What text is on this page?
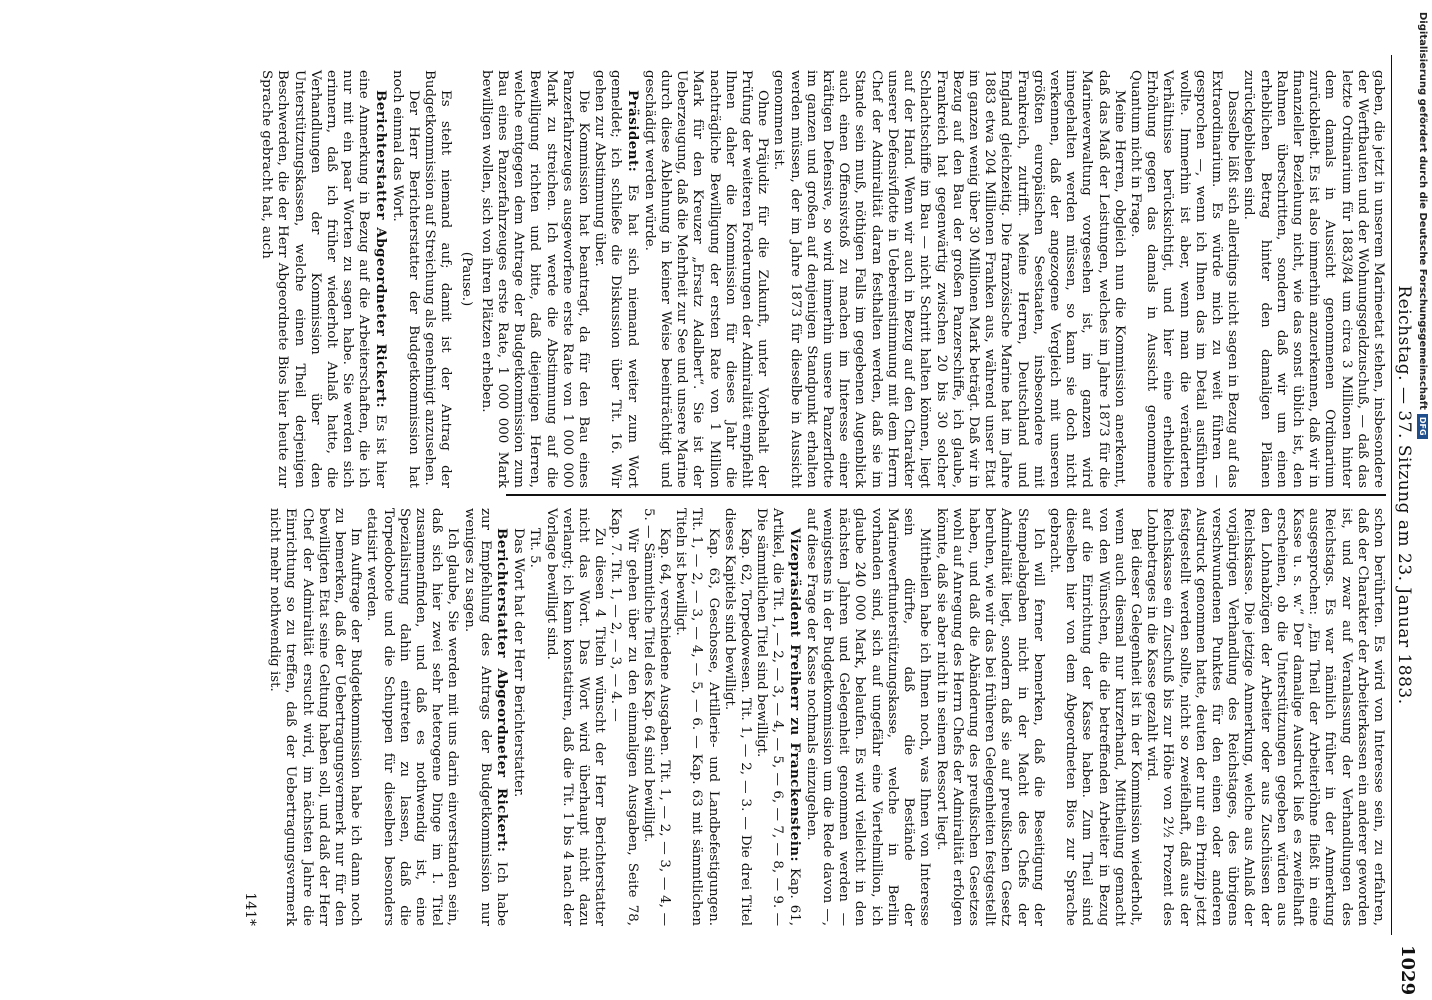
Reichstag. — 37. Sitzung am 23. Januar 1883.
1029

gaben, die jetzt in unserem Marineetat stehen, insbesondere der Werftbauten und der Wohnungsgeldzuschuß, — daß das letzte Ordinarium für 1883/84 um circa 3 Millionen hinter dem damals in Aussicht genommenen Ordinarium zurückbleibt. Es ist also immerhin anzuerkennen, daß wir in finanzieller Beziehung nicht, wie das sonst üblich ist, den Rahmen überschritten, sondern daß wir um einen erheblichen Betrag hinter den damaligen Plänen zurückgeblieben sind.

Dasselbe läßt sich allerdings nicht sagen in Bezug auf das Extraordinarium. Es würde mich zu weit führen — gesprochen —, wenn ich Ihnen das im Detail ausführen wollte. Immerhin ist aber, wenn man die veränderten Verhältnisse berücksichtigt, und hier eine erhebliche Erhöhung gegen das damals in Aussicht genommene Quantum nicht in Frage.

Meine Herren, obgleich nun die Kommission anerkennt, daß das Maß der Leistungen, welches im Jahre 1873 für die Marineverwaltung vorgesehen ist, im ganzen wird innegehalten werden müssen, so kann sie doch nicht verkennen, daß der angezogene Vergleich mit unseren größten europäischen Seestaaten, insbesondere mit Frankreich, zutrifft. Meine Herren, Deutschland und England gleichzeitig. Die französische Marine hat im Jahre 1883 etwa 204 Millionen Franken aus, während unser Etat im ganzen wenig über 30 Millionen Mark beträgt. Daß wir in Bezug auf den Bau der großen Panzerschiffe, ich glaube, Frankreich hat gegenwärtig zwischen 20 bis 30 solcher Schlachtschiffe im Bau — nicht Schritt halten können, liegt auf der Hand. Wenn wir auch in Bezug auf den Charakter unserer Defensivflotte in Uebereinstimmung mit dem Herrn Chef der Admiralität daran festhalten werden, daß sie im Stande sein muß, nöthigen Falls im gegebenen Augenblick auch einen Offensivstoß zu machen im Interesse einer kräftigen Defensive, so wird immerhin unsere Panzerflotte im ganzen und großen auf denjenigen Standpunkt erhalten werden müssen, der im Jahre 1873 für dieselbe in Aussicht genommen ist.

Ohne Präjudiz für die Zukunft, unter Vorbehalt der Prüfung der weiteren Forderungen der Admiralität empfiehlt Ihnen daher die Kommission für dieses Jahr die nachträgliche Bewilligung der ersten Rate von 1 Million Mark für den Kreuzer „Ersatz Adalbert“. Sie ist der Ueberzeugung, daß die Mehrheit zur See und unsere Marine durch diese Ablehnung in keiner Weise beeinträchtigt und geschädigt werden würde.

Präsident: Es hat sich niemand weiter zum Wort gemeldet; ich schließe die Diskussion über Tit. 16. Wir gehen zur Abstimmung über.

Die Kommission hat beantragt, da für den Bau eines Panzerfahrzeuges ausgeworfene erste Rate von 1 000 000 Mark zu streichen. Ich werde die Abstimmung auf die Bewilligung richten und bitte, daß diejenigen Herren, welche entgegen dem Antrage der Budgetkommission zum Bau eines Panzerfahrzeuges erste Rate, 1 000 000 Mark bewilligen wollen, sich von ihren Plätzen erheben.

(Pause.)

Es steht niemand auf; damit ist der Antrag der Budgetkommission auf Streichung als genehmigt anzusehen.

Der Herr Berichterstatter der Budgetkommission hat noch einmal das Wort.

Berichterstatter Abgeordneter Rickert: Es ist hier eine Anmerkung in Bezug auf die Arbeiterschaften, die ich nur mit ein paar Worten zu sagen habe. Sie werden sich erinnern, daß ich früher wiederholt Anlaß hatte, die Verhandlungen der Kommission über den Unterstützungskassen, welche einen Theil derjenigen Beschwerden, die der Herr Abgeordnete Bios hier heute zur Sprache gebracht hat, auch

schon berührten. Es wird von Interesse sein, zu erfahren, daß der Charakter der Arbeiterkassen ein anderer geworden ist, und zwar auf Veranlassung der Verhandlungen des Reichstags. Es war nämlich früher in der Anmerkung ausgesprochen: „Ein Theil der Arbeiterlöhne fließt in eine Kasse u. s. w.“ Der damalige Ausdruck ließ es zweifelhaft erscheinen, ob die Unterstützungen gegeben würden aus den Lohnabzügen der Arbeiter oder aus Zuschüssen der Reichskasse. Die jetzige Anmerkung, welche aus Anlaß der vorjährigen Verhandlung des Reichstages, des übrigens verschwundenen Punktes für den einen oder anderen Ausdruck genommen hatte, deuten der nur ein Prinzip jetzt festgestellt werden sollte, nicht so zweifelhaft, daß aus der Reichskasse ein Zuschuß bis zur Höhe von 2½ Prozent des Lohnbetrages in die Kasse gezahlt wird.

Bei dieser Gelegenheit ist in der Kommission wiederholt, wenn auch diesmal nur kurzerhand, Mittheilung gemacht von den Wünschen, die die betreffenden Arbeiter in Bezug auf die Einrichtung der Kasse haben. Zum Theil sind dieselben hier von dem Abgeordneten Bios zur Sprache gebracht.

Ich will ferner bemerken, daß die Beseitigung der Stempelabgaben nicht in der Macht des Chefs der Admiralität liegt, sondern daß sie auf preußischen Gesetz beruhen, wie wir das bei früheren Gelegenheiten festgestellt haben, und daß die Abänderung des preußischen Gesetzes wohl auf Anregung des Herrn Chefs der Admiralität erfolgen könnte, daß sie aber nicht in seinem Ressort liegt.

Mittheilen habe ich Ihnen noch, was Ihnen von Interesse sein dürfte, daß die Bestände der Marinewerftunterstützungskasse, welche in Berlin vorhanden sind, sich auf ungefähr eine Viertelmillion, ich glaube 240 000 Mark, belaufen. Es wird vielleicht in den nächsten Jahren und Gelegenheit genommen werden — wenigstens in der Budgetkommission um die Rede davon —, auf diese Frage der Kasse nochmals einzugehen.

Vizepräsident Freiherr zu Franckenstein: Kap. 61, Artikel, die Tit. 1, — 2, — 3, — 4, — 5, — 6, — 7, — 8, — 9. — Die sämmtlichen Titel sind bewilligt.

Kap. 62, Torpedowesen. Tit. 1, — 2, — 3. — Die drei Titel dieses Kapitels sind bewilligt.

Kap. 63, Geschosse, Artillerie- und Landbefestigungen. Tit. 1, — 2, — 3, — 4, — 5, — 6. — Kap. 63 mit sämmtlichen Titeln ist bewilligt.

Kap. 64, verschiedene Ausgaben. Tit. 1, — 2, — 3, — 4, — 5. — Sämmtliche Titel des Kap. 64 sind bewilligt.

Wir gehen über zu den einmaligen Ausgaben, Seite 78, Kap. 7. Tit. 1, — 2, — 3, — 4. —

Zu diesen 4 Titeln wünscht der Herr Berichterstatter nicht das Wort. Das Wort wird überhaupt nicht dazu verlangt; ich kann konstatiren, daß die Tit. 1 bis 4 nach der Vorlage bewilligt sind.

Tit. 5.

Das Wort hat der Herr Berichterstatter.

Berichterstatter Abgeordneter Rickert: Ich habe zur Empfehlung des Antrags der Budgetkommission nur weniges zu sagen.

Ich glaube, Sie werden mit uns darin einverstanden sein, daß sich hier zwei sehr heterogene Dinge im 1. Titel zusammenfinden, und daß es nothwendig ist, eine Spezialisirung dahin eintreten zu lassen, daß die Torpedoboote und die Schuppen für dieselben besonders etatisirt werden.

Im Auftrage der Budgetkommission habe ich dann noch zu bemerken, daß der Uebertragungsvermerk nur für den bewilligten Etat seine Geltung haben soll, und daß der Herr Chef der Admiralität ersucht wird, im nächsten Jahre die Einrichtung so zu treffen, daß der Uebertragungsvermerk nicht mehr nothwendig ist.

141*

Digitalisierung gefördert durch die Deutsche Forschungsgemeinschaft
DFG
